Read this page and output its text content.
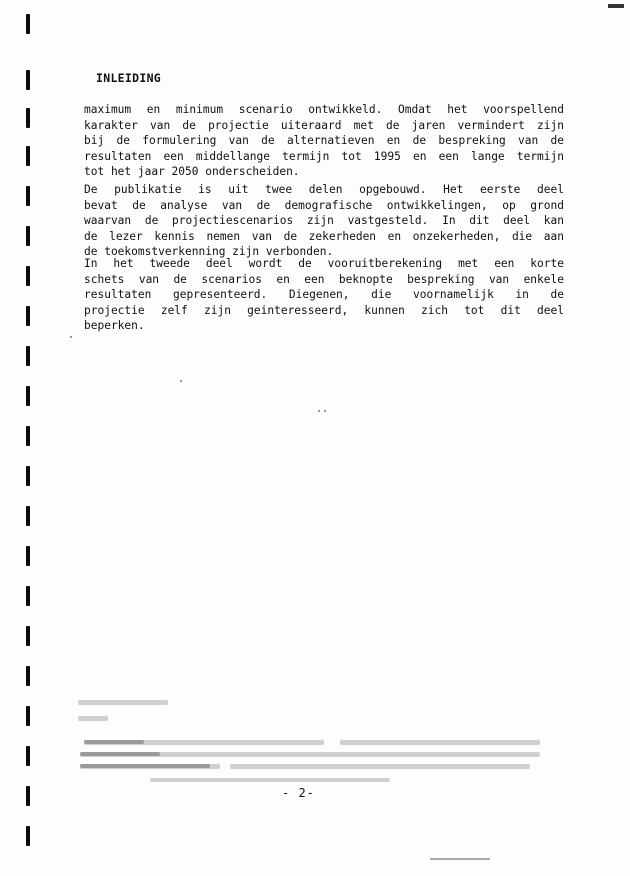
INLEIDING
maximum en minimum scenario ontwikkeld. Omdat het voorspellend
karakter van de projectie uiteraard met de jaren vermindert zijn
bij de formulering van de alternatieven en de bespreking van de
resultaten een middellange termijn tot 1995 en een lange termijn
tot het jaar 2050 onderscheiden.
De publikatie is uit twee delen opgebouwd. Het eerste deel
bevat de analyse van de demografische ontwikkelingen, op grond
waarvan de projectiescenarios zijn vastgesteld. In dit deel kan
de lezer kennis nemen van de zekerheden en onzekerheden, die aan
de toekomstverkenning zijn verbonden.
In het tweede deel wordt de vooruitberekening met een korte
schets van de scenarios en een beknopte bespreking van enkele
resultaten gepresenteerd. Diegenen, die voornamelijk in de
projectie zelf zijn geinteresseerd, kunnen zich tot dit deel
beperken.
- 2-
